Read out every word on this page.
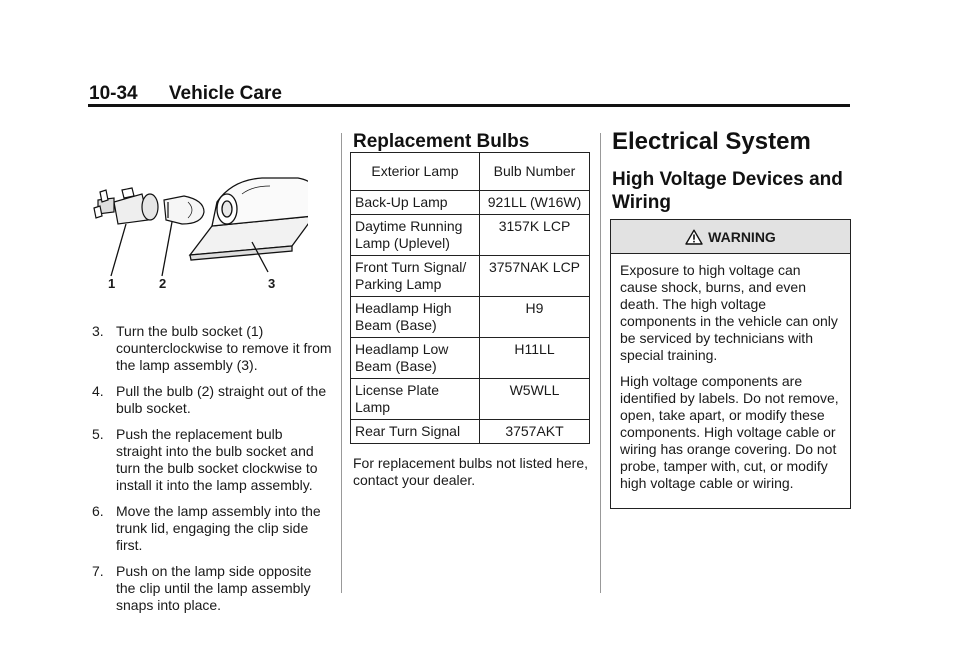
10-34 Vehicle Care
1	2	3
3. Turn the bulb socket (1) counterclockwise to remove it from the lamp assembly (3).
4. Pull the bulb (2) straight out of the bulb socket.
5. Push the replacement bulb straight into the bulb socket and turn the bulb socket clockwise to install it into the lamp assembly.
6. Move the lamp assembly into the trunk lid, engaging the clip side first.
7. Push on the lamp side opposite the clip until the lamp assembly snaps into place.
Replacement Bulbs
Exterior Lamp	Bulb Number
Back-Up Lamp	921LL (W16W)
Daytime Running Lamp (Uplevel)	3157K LCP
Front Turn Signal/ Parking Lamp	3757NAK LCP
Headlamp High Beam (Base)	H9
Headlamp Low Beam (Base)	H11LL
License Plate Lamp	W5WLL
Rear Turn Signal	3757AKT
For replacement bulbs not listed here, contact your dealer.
Electrical System
High Voltage Devices and Wiring
WARNING

Exposure to high voltage can cause shock, burns, and even death. The high voltage components in the vehicle can only be serviced by technicians with special training.

High voltage components are identified by labels. Do not remove, open, take apart, or modify these components. High voltage cable or wiring has orange covering. Do not probe, tamper with, cut, or modify high voltage cable or wiring.
